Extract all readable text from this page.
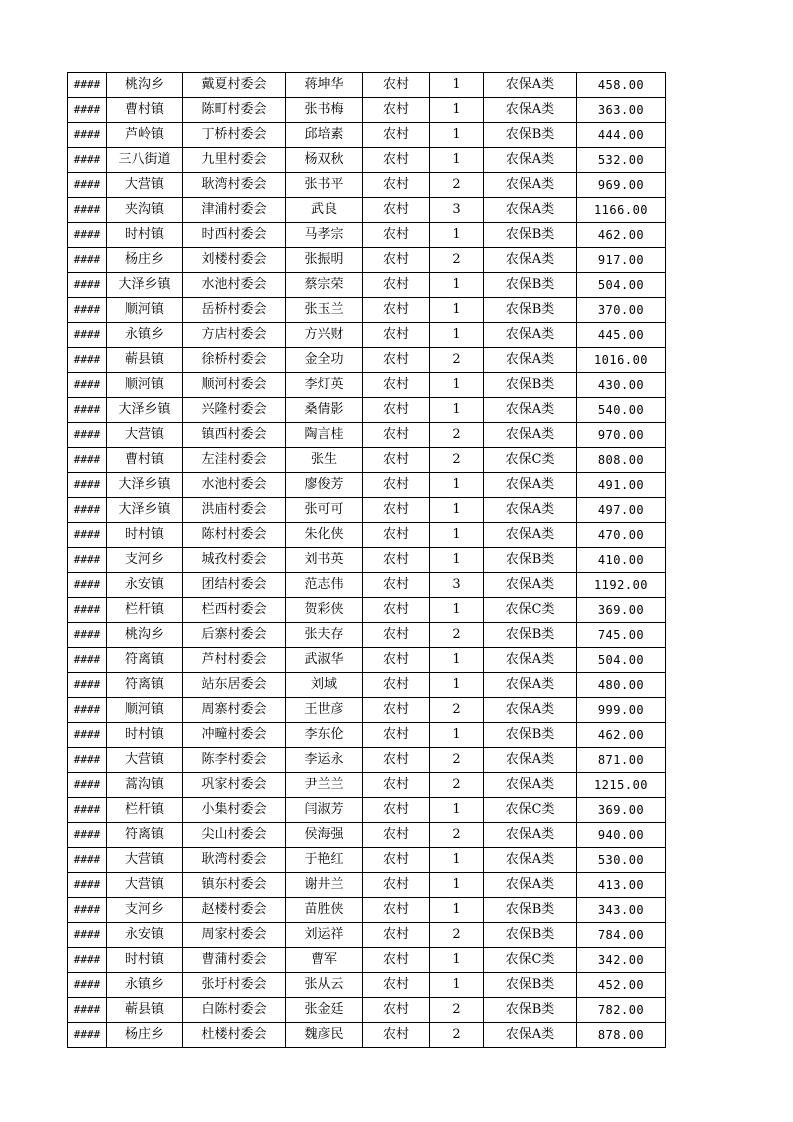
####	桃沟乡	戴夏村委会	蒋坤华	农村	1	农保A类	458.00
####	曹村镇	陈町村委会	张书梅	农村	1	农保A类	363.00
####	芦岭镇	丁桥村委会	邱培素	农村	1	农保B类	444.00
####	三八街道	九里村委会	杨双秋	农村	1	农保A类	532.00
####	大营镇	耿湾村委会	张书平	农村	2	农保A类	969.00
####	夹沟镇	津浦村委会	武良	农村	3	农保A类	1166.00
####	时村镇	时西村委会	马孝宗	农村	1	农保B类	462.00
####	杨庄乡	刘楼村委会	张振明	农村	2	农保A类	917.00
####	大泽乡镇	水池村委会	蔡宗荣	农村	1	农保B类	504.00
####	顺河镇	岳桥村委会	张玉兰	农村	1	农保B类	370.00
####	永镇乡	方店村委会	方兴财	农村	1	农保A类	445.00
####	蕲县镇	徐桥村委会	金全功	农村	2	农保A类	1016.00
####	顺河镇	顺河村委会	李灯英	农村	1	农保B类	430.00
####	大泽乡镇	兴隆村委会	桑倩影	农村	1	农保A类	540.00
####	大营镇	镇西村委会	陶言桂	农村	2	农保A类	970.00
####	曹村镇	左洼村委会	张生	农村	2	农保C类	808.00
####	大泽乡镇	水池村委会	廖俊芳	农村	1	农保A类	491.00
####	大泽乡镇	洪庙村委会	张可可	农村	1	农保A类	497.00
####	时村镇	陈村村委会	朱化侠	农村	1	农保A类	470.00
####	支河乡	城孜村委会	刘书英	农村	1	农保B类	410.00
####	永安镇	团结村委会	范志伟	农村	3	农保A类	1192.00
####	栏杆镇	栏西村委会	贺彩侠	农村	1	农保C类	369.00
####	桃沟乡	后寨村委会	张夫存	农村	2	农保B类	745.00
####	符离镇	芦村村委会	武淑华	农村	1	农保A类	504.00
####	符离镇	站东居委会	刘域	农村	1	农保A类	480.00
####	顺河镇	周寨村委会	王世彦	农村	2	农保A类	999.00
####	时村镇	冲疃村委会	李东伦	农村	1	农保B类	462.00
####	大营镇	陈李村委会	李运永	农村	2	农保A类	871.00
####	蒿沟镇	巩家村委会	尹兰兰	农村	2	农保A类	1215.00
####	栏杆镇	小集村委会	闫淑芳	农村	1	农保C类	369.00
####	符离镇	尖山村委会	侯海强	农村	2	农保A类	940.00
####	大营镇	耿湾村委会	于艳红	农村	1	农保A类	530.00
####	大营镇	镇东村委会	谢井兰	农村	1	农保A类	413.00
####	支河乡	赵楼村委会	苗胜侠	农村	1	农保B类	343.00
####	永安镇	周家村委会	刘运祥	农村	2	农保B类	784.00
####	时村镇	曹蒲村委会	曹军	农村	1	农保C类	342.00
####	永镇乡	张圩村委会	张从云	农村	1	农保B类	452.00
####	蕲县镇	白陈村委会	张金廷	农村	2	农保B类	782.00
####	杨庄乡	杜楼村委会	魏彦民	农村	2	农保A类	878.00
